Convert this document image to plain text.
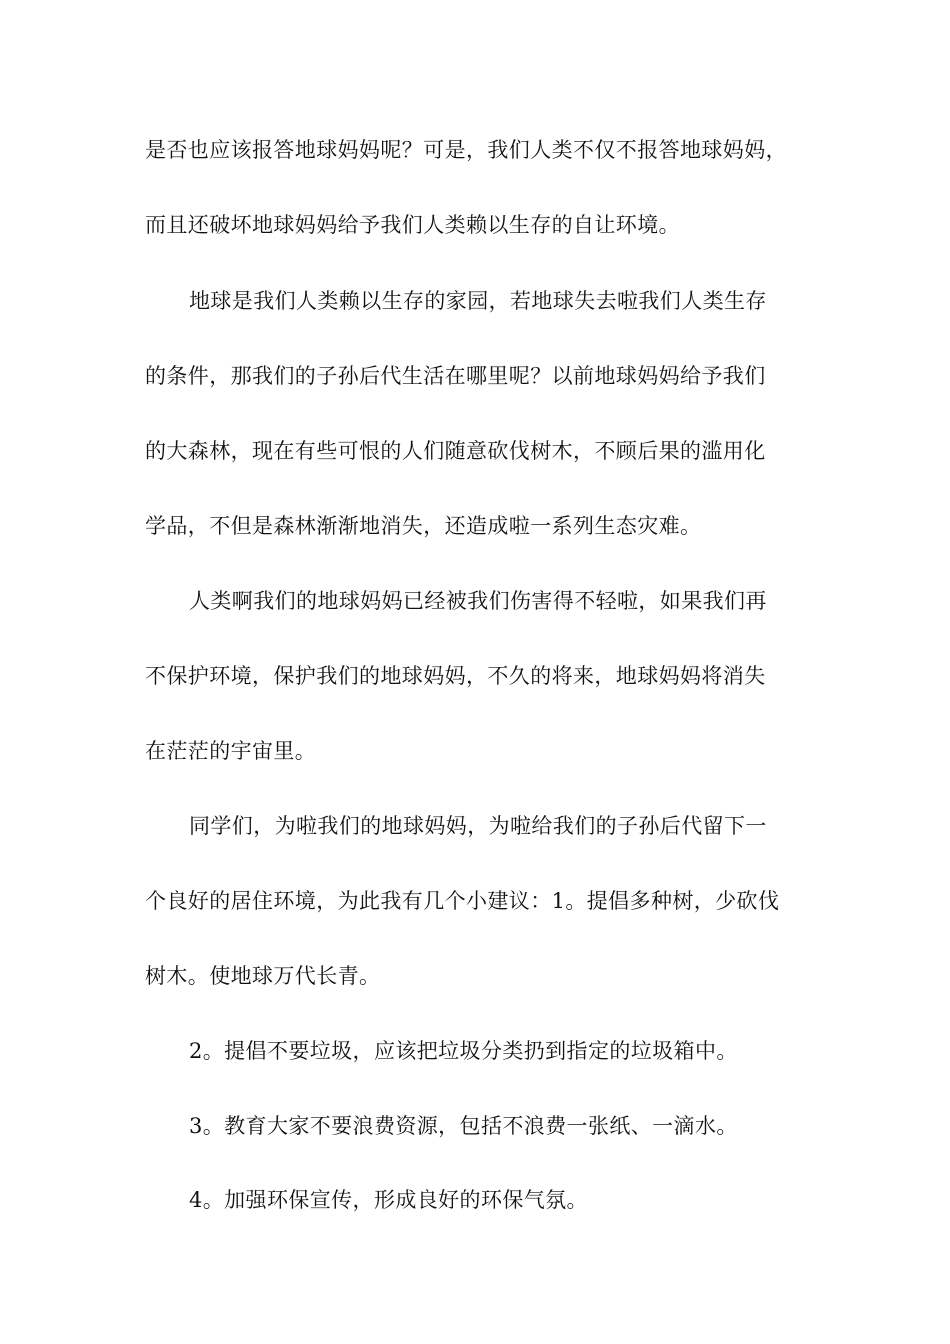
是否也应该报答地球妈妈呢？可是，我们人类不仅不报答地球妈妈，
而且还破坏地球妈妈给予我们人类赖以生存的自让环境。
地球是我们人类赖以生存的家园，若地球失去啦我们人类生存
的条件，那我们的子孙后代生活在哪里呢？以前地球妈妈给予我们
的大森林，现在有些可恨的人们随意砍伐树木，不顾后果的滥用化
学品，不但是森林渐渐地消失，还造成啦一系列生态灾难。
人类啊我们的地球妈妈已经被我们伤害得不轻啦，如果我们再
不保护环境，保护我们的地球妈妈，不久的将来，地球妈妈将消失
在茫茫的宇宙里。
同学们，为啦我们的地球妈妈，为啦给我们的子孙后代留下一
个良好的居住环境，为此我有几个小建议：1。提倡多种树，少砍伐
树木。使地球万代长青。
2。提倡不要垃圾，应该把垃圾分类扔到指定的垃圾箱中。
3。教育大家不要浪费资源，包括不浪费一张纸、一滴水。
4。加强环保宣传，形成良好的环保气氛。
